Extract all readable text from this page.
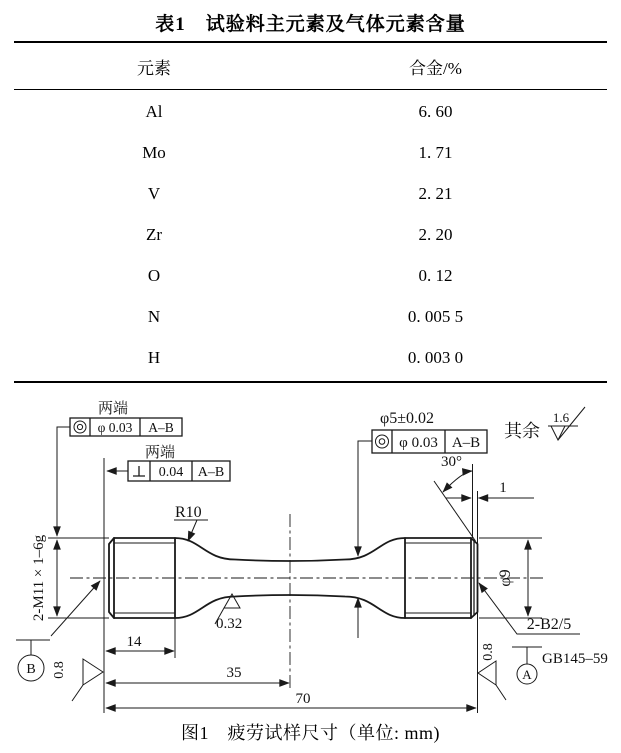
表1　试验料主元素及气体元素含量
元素	合金/%
Al	6. 60
Mo	1. 71
V	2. 21
Zr	2. 20
O	0. 12
N	0. 005 5
H	0. 003 0
两端
φ 0.03 A–B
两端
0.04 A–B
φ5±0.02
φ 0.03 A–B
其余
1.6
30°
1
R10
0.32
2-M11 × 1–6g	φ9
0.8
0.8
2-B2/5
A
GB145–59
B
14
35
70
图1　疲劳试样尺寸（单位: mm)
